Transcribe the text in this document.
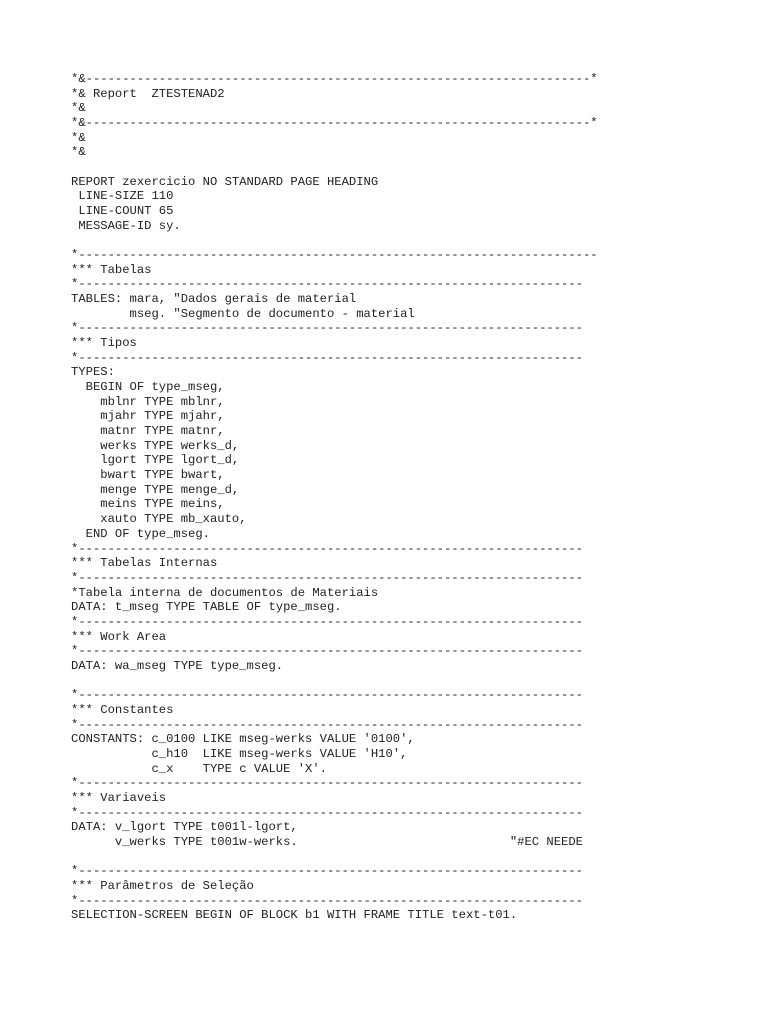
*&---------------------------------------------------------------------*
*& Report  ZTESTENAD2
*&
*&---------------------------------------------------------------------*
*&
*&
REPORT zexercicio NO STANDARD PAGE HEADING
LINE-SIZE 110
LINE-COUNT 65
MESSAGE-ID sy.
*-----------------------------------------------------------------------
*** Tabelas
*---------------------------------------------------------------------
TABLES: mara, "Dados gerais de material
mseg. "Segmento de documento - material
*---------------------------------------------------------------------
*** Tipos
*---------------------------------------------------------------------
TYPES:
BEGIN OF type_mseg,
mblnr TYPE mblnr,
mjahr TYPE mjahr,
matnr TYPE matnr,
werks TYPE werks_d,
lgort TYPE lgort_d,
bwart TYPE bwart,
menge TYPE menge_d,
meins TYPE meins,
xauto TYPE mb_xauto,
END OF type_mseg.
*---------------------------------------------------------------------
*** Tabelas Internas
*---------------------------------------------------------------------
*Tabela interna de documentos de Materiais
DATA: t_mseg TYPE TABLE OF type_mseg.
*---------------------------------------------------------------------
*** Work Area
*---------------------------------------------------------------------
DATA: wa_mseg TYPE type_mseg.
*---------------------------------------------------------------------
*** Constantes
*---------------------------------------------------------------------
CONSTANTS: c_0100 LIKE mseg-werks VALUE '0100',
c_h10  LIKE mseg-werks VALUE 'H10',
c_x    TYPE c VALUE 'X'.
*---------------------------------------------------------------------
*** Variaveis
*---------------------------------------------------------------------
DATA: v_lgort TYPE t001l-lgort,
v_werks TYPE t001w-werks.                             "#EC NEEDE
*---------------------------------------------------------------------
*** Parâmetros de Seleção
*---------------------------------------------------------------------
SELECTION-SCREEN BEGIN OF BLOCK b1 WITH FRAME TITLE text-t01.
